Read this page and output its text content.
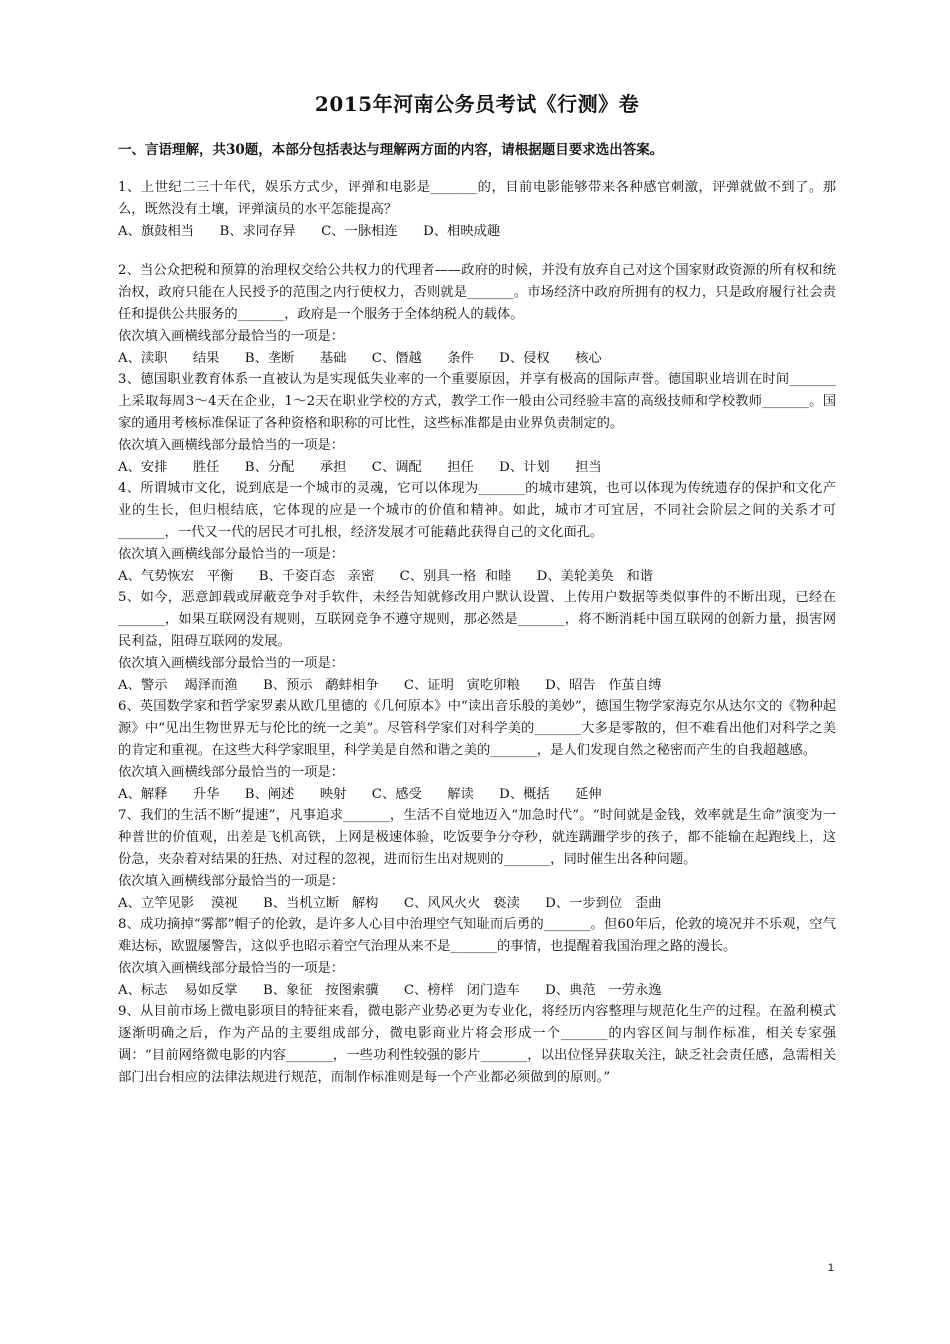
2015年河南公务员考试《行测》卷

一、言语理解，共30题，本部分包括表达与理解两方面的内容，请根据题目要求选出答案。

1、上世纪二三十年代，娱乐方式少，评弹和电影是_______的，目前电影能够带来各种感官刺激，评弹就做不到了。那么，既然没有土壤，评弹演员的水平怎能提高？

A、旗鼓相当      B、求同存异      C、一脉相连      D、相映成趣

2、当公众把税和预算的治理权交给公共权力的代理者——政府的时候，并没有放弃自己对这个国家财政资源的所有权和统治权，政府只能在人民授予的范围之内行使权力，否则就是_______。市场经济中政府所拥有的权力，只是政府履行社会责任和提供公共服务的_______，政府是一个服务于全体纳税人的载体。

依次填入画横线部分最恰当的一项是：

A、渎职      结果      B、垄断      基础      C、僭越      条件      D、侵权      核心

3、德国职业教育体系一直被认为是实现低失业率的一个重要原因，并享有极高的国际声誉。德国职业培训在时间_______上采取每周3～4天在企业，1～2天在职业学校的方式，教学工作一般由公司经验丰富的高级技师和学校教师_______。国家的通用考核标准保证了各种资格和职称的可比性，这些标准都是由业界负责制定的。

依次填入画横线部分最恰当的一项是：

A、安排      胜任      B、分配      承担      C、调配      担任      D、计划      担当

4、所谓城市文化，说到底是一个城市的灵魂，它可以体现为_______的城市建筑，也可以体现为传统遗存的保护和文化产业的生长，但归根结底，它体现的应是一个城市的价值和精神。如此，城市才可宜居，不同社会阶层之间的关系才可_______，一代又一代的居民才可扎根，经济发展才可能藉此获得自己的文化面孔。

依次填入画横线部分最恰当的一项是：

A、气势恢宏   平衡      B、千姿百态   亲密      C、别具一格  和睦      D、美轮美奂   和谐

5、如今，恶意卸载或屏蔽竞争对手软件，未经告知就修改用户默认设置、上传用户数据等类似事件的不断出现，已经在_______，如果互联网没有规则，互联网竞争不遵守规则，那必然是_______，将不断消耗中国互联网的创新力量，损害网民利益，阻碍互联网的发展。

依次填入画横线部分最恰当的一项是：

A、警示    竭泽而渔      B、预示   鹬蚌相争      C、证明   寅吃卯粮      D、昭告   作茧自缚

6、英国数学家和哲学家罗素从欧几里德的《几何原本》中“读出音乐般的美妙”，德国生物学家海克尔从达尔文的《物种起源》中“见出生物世界无与伦比的统一之美”。尽管科学家们对科学美的_______大多是零散的，但不难看出他们对科学之美的肯定和重视。在这些大科学家眼里，科学美是自然和谐之美的_______，是人们发现自然之秘密而产生的自我超越感。

依次填入画横线部分最恰当的一项是：

A、解释      升华      B、阐述      映射      C、感受      解读      D、概括      延伸

7、我们的生活不断“提速”，凡事追求_______，生活不自觉地迈入“加急时代”。“时间就是金钱，效率就是生命”演变为一种普世的价值观，出差是飞机高铁，上网是极速体验，吃饭要争分夺秒，就连蹒跚学步的孩子，都不能输在起跑线上，这份急，夹杂着对结果的狂热、对过程的忽视，进而衍生出对规则的_______，同时催生出各种问题。

依次填入画横线部分最恰当的一项是：

A、立竿见影    漠视      B、当机立断   解构      C、风风火火   亵渎      D、一步到位   歪曲

8、成功摘掉“雾都”帽子的伦敦，是许多人心目中治理空气知耻而后勇的_______。但60年后，伦敦的境况并不乐观，空气难达标，欧盟屡警告，这似乎也昭示着空气治理从来不是_______的事情，也提醒着我国治理之路的漫长。

依次填入画横线部分最恰当的一项是：

A、标志    易如反掌      B、象征   按图索骥      C、榜样   闭门造车      D、典范   一劳永逸

9、从目前市场上微电影项目的特征来看，微电影产业势必更为专业化，将经历内容整理与规范化生产的过程。在盈利模式逐渐明确之后，作为产品的主要组成部分，微电影商业片将会形成一个_______的内容区间与制作标准，相关专家强调：“目前网络微电影的内容_______，一些功利性较强的影片_______，以出位怪异获取关注，缺乏社会责任感，急需相关部门出台相应的法律法规进行规范，而制作标准则是每一个产业都必须做到的原则。”

1
